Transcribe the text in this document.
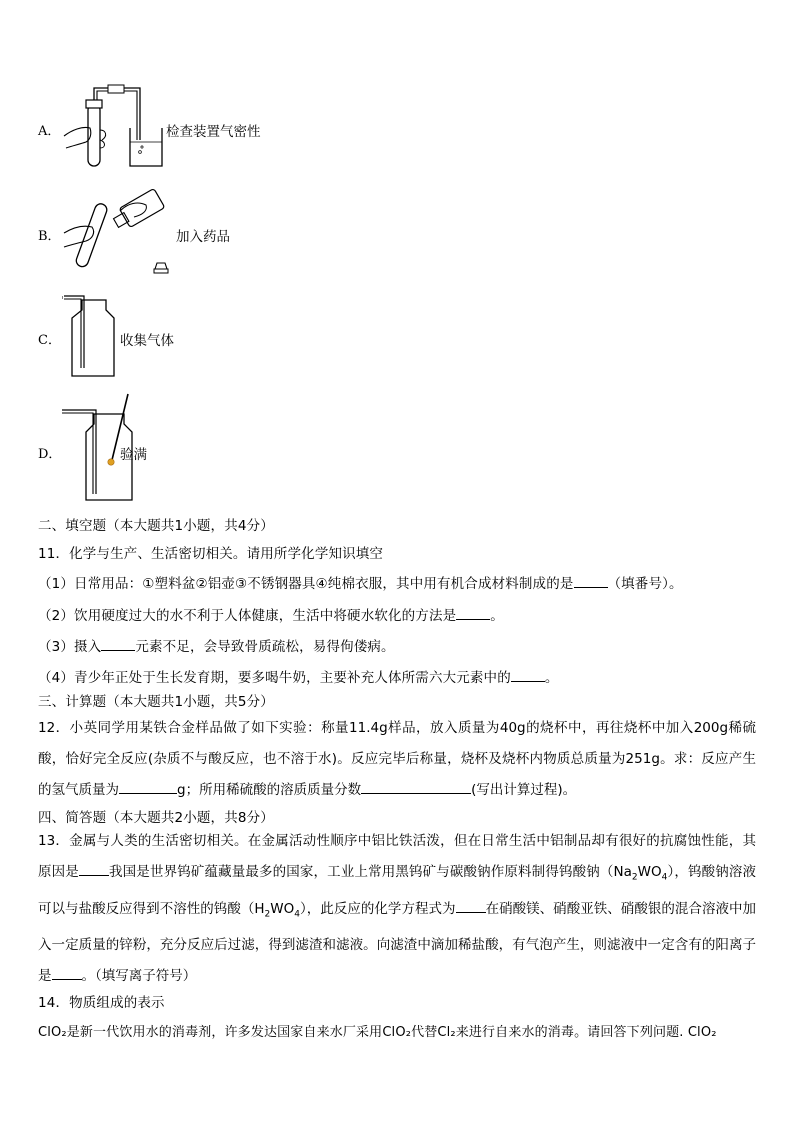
A．	检查装置气密性
B．	加入药品
C．	收集气体
D．	验满
二、填空题（本大题共1小题，共4分）
11．化学与生产、生活密切相关。请用所学化学知识填空
（1）日常用品：①塑料盆②铝壶③不锈钢器具④纯棉衣服，其中用有机合成材料制成的是	（填番号）。
（2）饮用硬度过大的水不利于人体健康，生活中将硬水软化的方法是	。
（3）摄入	元素不足，会导致骨质疏松，易得佝偻病。
（4）青少年正处于生长发育期，要多喝牛奶，主要补充人体所需六大元素中的	。
三、计算题（本大题共1小题，共5分）
12．小英同学用某铁合金样品做了如下实验：称量11.4g样品，放入质量为40g的烧杯中，再往烧杯中加入200g稀硫酸，恰好完全反应(杂质不与酸反应，也不溶于水)。反应完毕后称量，烧杯及烧杯内物质总质量为251g。求：反应产生的氢气质量为	g；所用稀硫酸的溶质质量分数	(写出计算过程)。
四、简答题（本大题共2小题，共8分）
13．金属与人类的生活密切相关。在金属活动性顺序中铝比铁活泼，但在日常生活中铝制品却有很好的抗腐蚀性能，其原因是 我国是世界钨矿蕴藏量最多的国家，工业上常用黑钨矿与碳酸钠作原料制得钨酸钠$(Na_2WO_4)$，钨酸钠溶液可以与盐酸反应得到不溶性的钨酸$(H_2WO_4)$，此反应的化学方程式为 在硝酸镁、硝酸亚铁、硝酸银的混合溶液中加入一定质量的锌粉，充分反应后过滤，得到滤渣和滤液。向滤渣中滴加稀盐酸，有气泡产生，则滤液中一定含有的阳离子是 。（填写离子符号）
14．物质组成的表示
ClO₂是新一代饮用水的消毒剂，许多发达国家自来水厂采用ClO₂代替Cl₂来进行自来水的消毒。请回答下列问题. ClO₂
